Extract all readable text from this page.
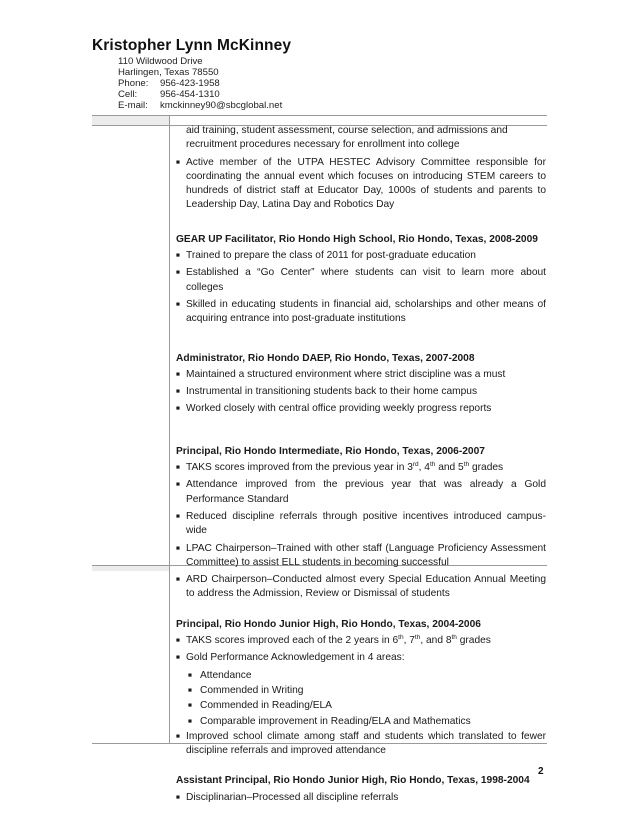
Kristopher Lynn McKinney
110 Wildwood Drive
Harlingen, Texas 78550
Phone: 956-423-1958
Cell: 956-454-1310
E-mail: kmckinney90@sbcglobal.net
aid training, student assessment, course selection, and admissions and
recruitment procedures necessary for enrollment into college
■ Active member of the UTPA HESTEC Advisory Committee responsible for coordinating the annual event which focuses on introducing STEM careers to hundreds of district staff at Educator Day, 1000s of students and parents to Leadership Day, Latina Day and Robotics Day
GEAR UP Facilitator, Rio Hondo High School, Rio Hondo, Texas, 2008-2009
■ Trained to prepare the class of 2011 for post-graduate education
■ Established a “Go Center” where students can visit to learn more about colleges
■ Skilled in educating students in financial aid, scholarships and other means of acquiring entrance into post-graduate institutions
Administrator, Rio Hondo DAEP, Rio Hondo, Texas, 2007-2008
■ Maintained a structured environment where strict discipline was a must
■ Instrumental in transitioning students back to their home campus
■ Worked closely with central office providing weekly progress reports
Principal, Rio Hondo Intermediate, Rio Hondo, Texas, 2006-2007
■ TAKS scores improved from the previous year in 3rd, 4th and 5th grades
■ Attendance improved from the previous year that was already a Gold Performance Standard
■ Reduced discipline referrals through positive incentives introduced campus-wide
■ LPAC Chairperson–Trained with other staff (Language Proficiency Assessment Committee) to assist ELL students in becoming successful
■ ARD Chairperson–Conducted almost every Special Education Annual Meeting to address the Admission, Review or Dismissal of students
Principal, Rio Hondo Junior High, Rio Hondo, Texas, 2004-2006
■ TAKS scores improved each of the 2 years in 6th, 7th, and 8th grades
■ Gold Performance Acknowledgement in 4 areas:
■ Attendance
■ Commended in Writing
■ Commended in Reading/ELA
■ Comparable improvement in Reading/ELA and Mathematics
■ Improved school climate among staff and students which translated to fewer discipline referrals and improved attendance
Assistant Principal, Rio Hondo Junior High, Rio Hondo, Texas, 1998-2004
■ Disciplinarian–Processed all discipline referrals
2
